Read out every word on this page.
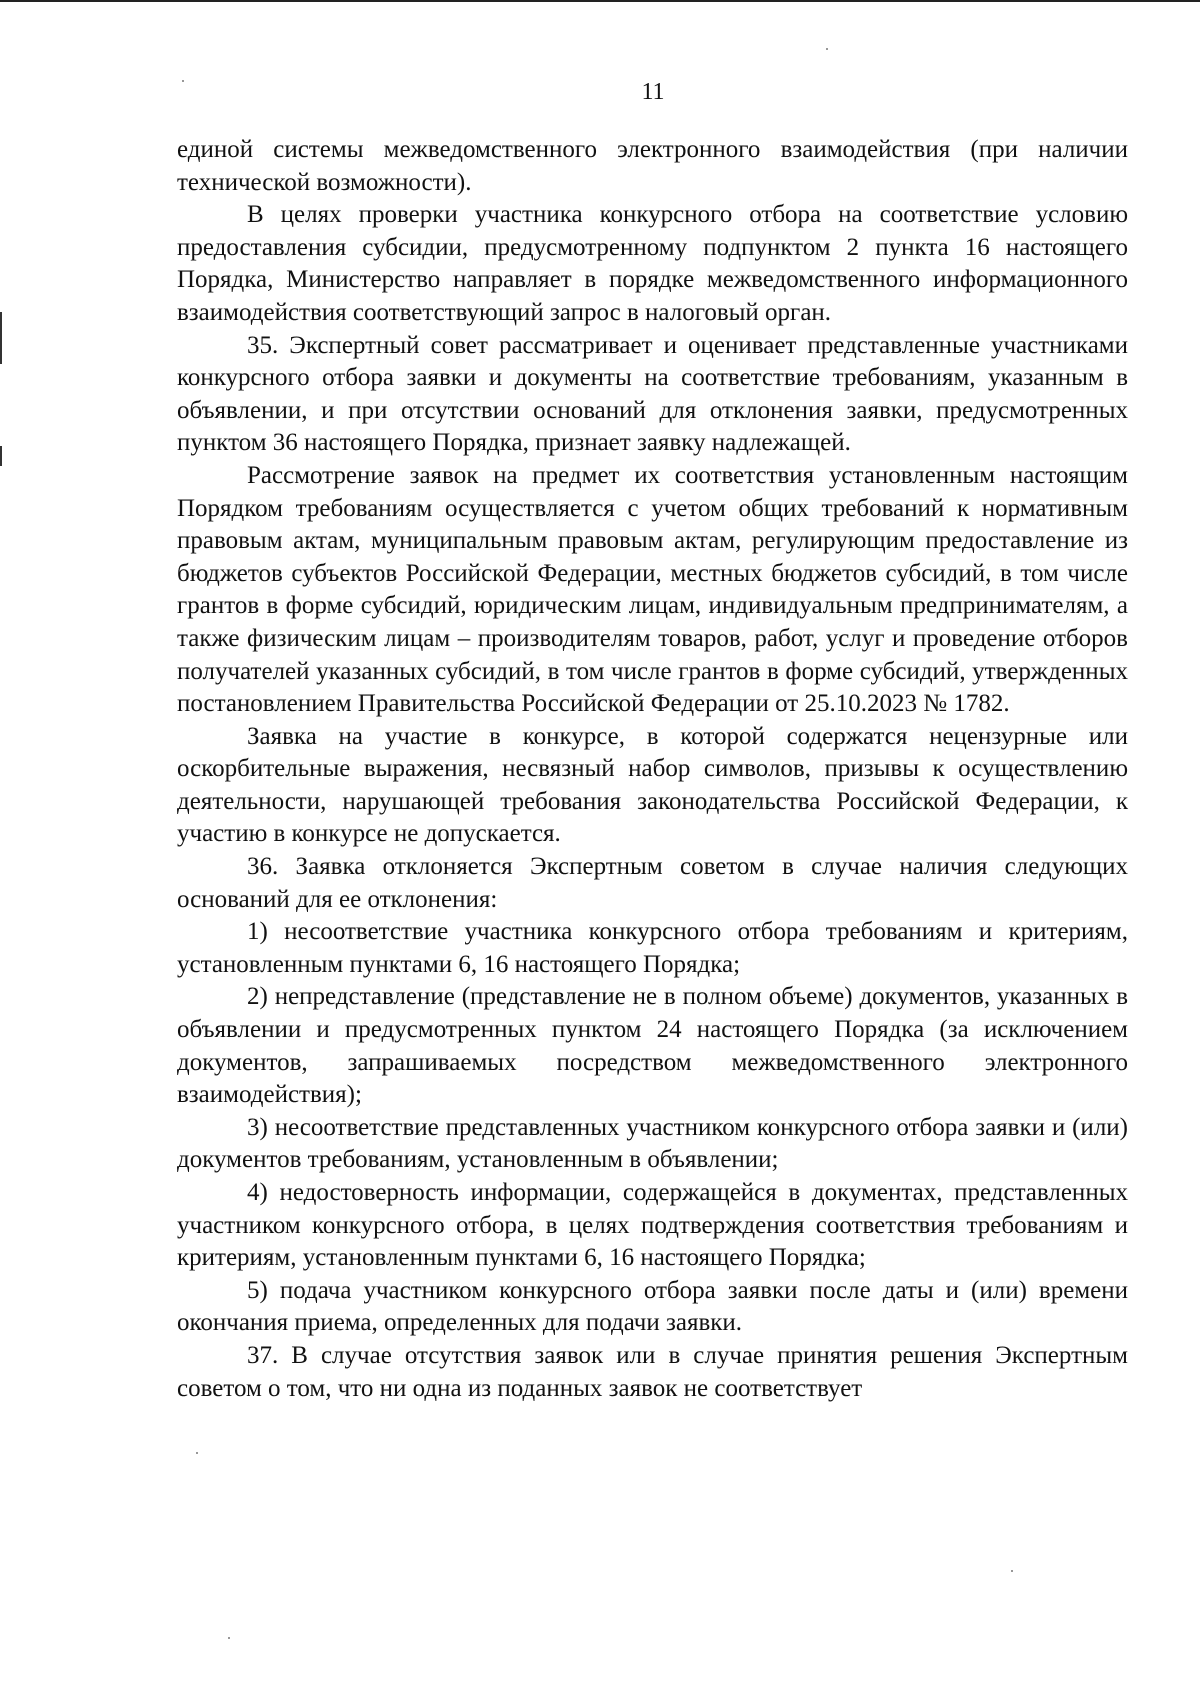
11

единой системы межведомственного электронного взаимодействия (при наличии технической возможности).

В целях проверки участника конкурсного отбора на соответствие условию предоставления субсидии, предусмотренному подпунктом 2 пункта 16 настоящего Порядка, Министерство направляет в порядке межведомственного информационного взаимодействия соответствующий запрос в налоговый орган.

35. Экспертный совет рассматривает и оценивает представленные участниками конкурсного отбора заявки и документы на соответствие требованиям, указанным в объявлении, и при отсутствии оснований для отклонения заявки, предусмотренных пунктом 36 настоящего Порядка, признает заявку надлежащей.

Рассмотрение заявок на предмет их соответствия установленным настоящим Порядком требованиям осуществляется с учетом общих требований к нормативным правовым актам, муниципальным правовым актам, регулирующим предоставление из бюджетов субъектов Российской Федерации, местных бюджетов субсидий, в том числе грантов в форме субсидий, юридическим лицам, индивидуальным предпринимателям, а также физическим лицам – производителям товаров, работ, услуг и проведение отборов получателей указанных субсидий, в том числе грантов в форме субсидий, утвержденных постановлением Правительства Российской Федерации от 25.10.2023 № 1782.

Заявка на участие в конкурсе, в которой содержатся нецензурные или оскорбительные выражения, несвязный набор символов, призывы к осуществлению деятельности, нарушающей требования законодательства Российской Федерации, к участию в конкурсе не допускается.

36. Заявка отклоняется Экспертным советом в случае наличия следующих оснований для ее отклонения:

1) несоответствие участника конкурсного отбора требованиям и критериям, установленным пунктами 6, 16 настоящего Порядка;

2) непредставление (представление не в полном объеме) документов, указанных в объявлении и предусмотренных пунктом 24 настоящего Порядка (за исключением документов, запрашиваемых посредством межведомственного электронного взаимодействия);

3) несоответствие представленных участником конкурсного отбора заявки и (или) документов требованиям, установленным в объявлении;

4) недостоверность информации, содержащейся в документах, представленных участником конкурсного отбора, в целях подтверждения соответствия требованиям и критериям, установленным пунктами 6, 16 настоящего Порядка;

5) подача участником конкурсного отбора заявки после даты и (или) времени окончания приема, определенных для подачи заявки.

37. В случае отсутствия заявок или в случае принятия решения Экспертным советом о том, что ни одна из поданных заявок не соответствует
